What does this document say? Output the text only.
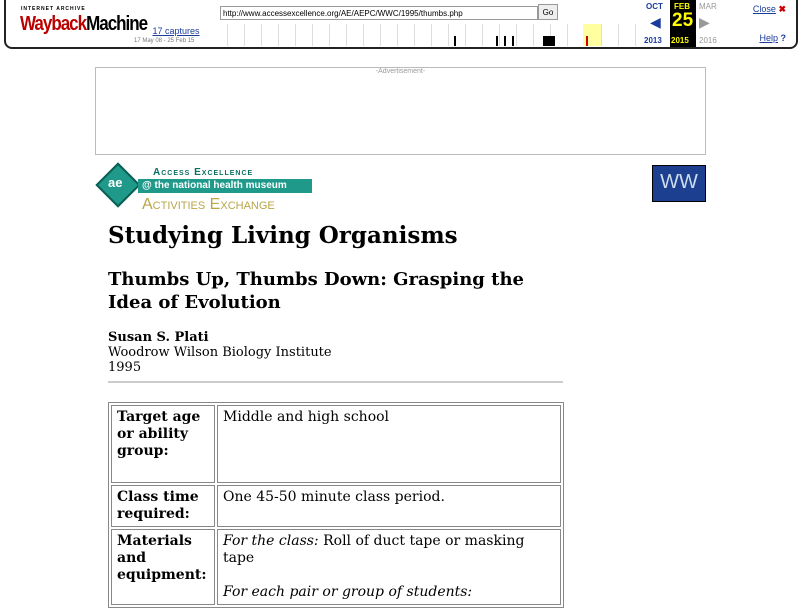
INTERNET ARCHIVE
WaybackMachine 17 captures
17 May 08 - 25 Feb 15
http://www.accessexcellence.org/AE/AEPC/WWC/1995/thumbs.php
Go
OCT FEB
25
2015
◀	▶
MAR
2013	2016
Close ✖
Help ?
-Advertisement-
ae
Access Excellence
@ the national health museum
Activities Exchange
WW
Studying Living Organisms
Thumbs Up, Thumbs Down: Grasping the Idea of Evolution
Susan S. Plati
Woodrow Wilson Biology Institute
1995
Target age or ability group:	Middle and high school
Class time required:	One 45-50 minute class period.
Materials and equipment:	For the class: Roll of duct tape or masking tape

For each pair or group of students:
